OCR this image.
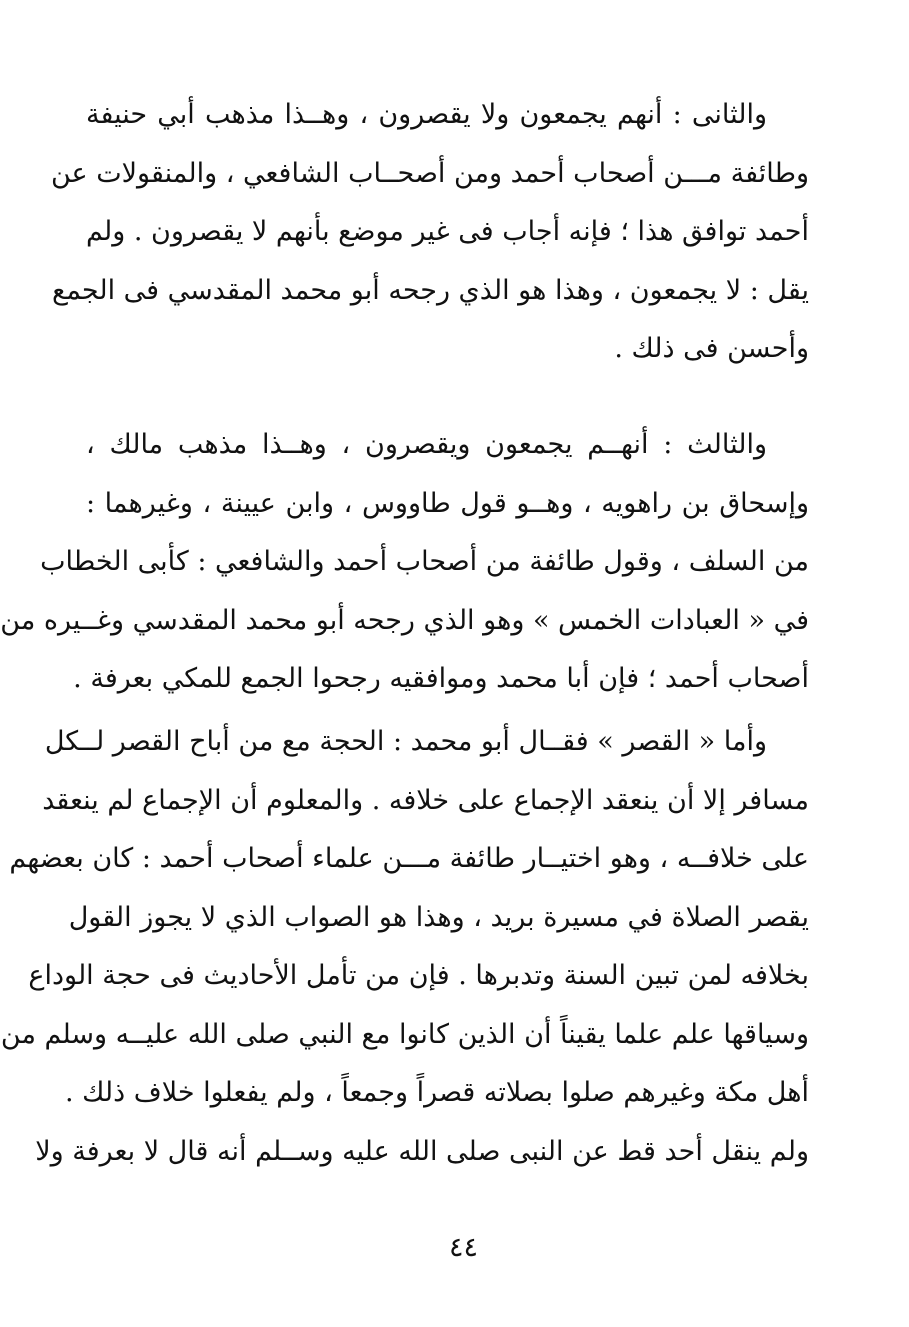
والثانى : أنهم يجمعون ولا يقصرون ، وهــذا مذهب أبي حنيفة
وطائفة مـــن أصحاب أحمد ومن أصحــاب الشافعي ، والمنقولات عن
أحمد توافق هذا ؛ فإنه أجاب فى غير موضع بأنهم لا يقصرون . ولم
يقل : لا يجمعون ، وهذا هو الذي رجحه أبو محمد المقدسي فى الجمع
وأحسن فى ذلك .

والثالث : أنهــم يجمعون ويقصرون ، وهــذا مذهب مالك ،
وإسحاق بن راهويه ، وهــو قول طاووس ، وابن عيينة ، وغيرهما :
من السلف ، وقول طائفة من أصحاب أحمد والشافعي : كأبى الخطاب
في « العبادات الخمس » وهو الذي رجحه أبو محمد المقدسي وغــيره من
أصحاب أحمد ؛ فإن أبا محمد وموافقيه رجحوا الجمع للمكي بعرفة .

وأما « القصر » فقــال أبو محمد : الحجة مع من أباح القصر لــكل
مسافر إلا أن ينعقد الإجماع على خلافه . والمعلوم أن الإجماع لم ينعقد
على خلافــه ، وهو اختيــار طائفة مـــن علماء أصحاب أحمد : كان بعضهم
يقصر الصلاة في مسيرة بريد ، وهذا هو الصواب الذي لا يجوز القول
بخلافه لمن تبين السنة وتدبرها . فإن من تأمل الأحاديث فى حجة الوداع
وسياقها علم علما يقيناً أن الذين كانوا مع النبي صلى الله عليــه وسلم من
أهل مكة وغيرهم صلوا بصلاته قصراً وجمعاً ، ولم يفعلوا خلاف ذلك .
ولم ينقل أحد قط عن النبى صلى الله عليه وســلم أنه قال لا بعرفة ولا

٤٤
